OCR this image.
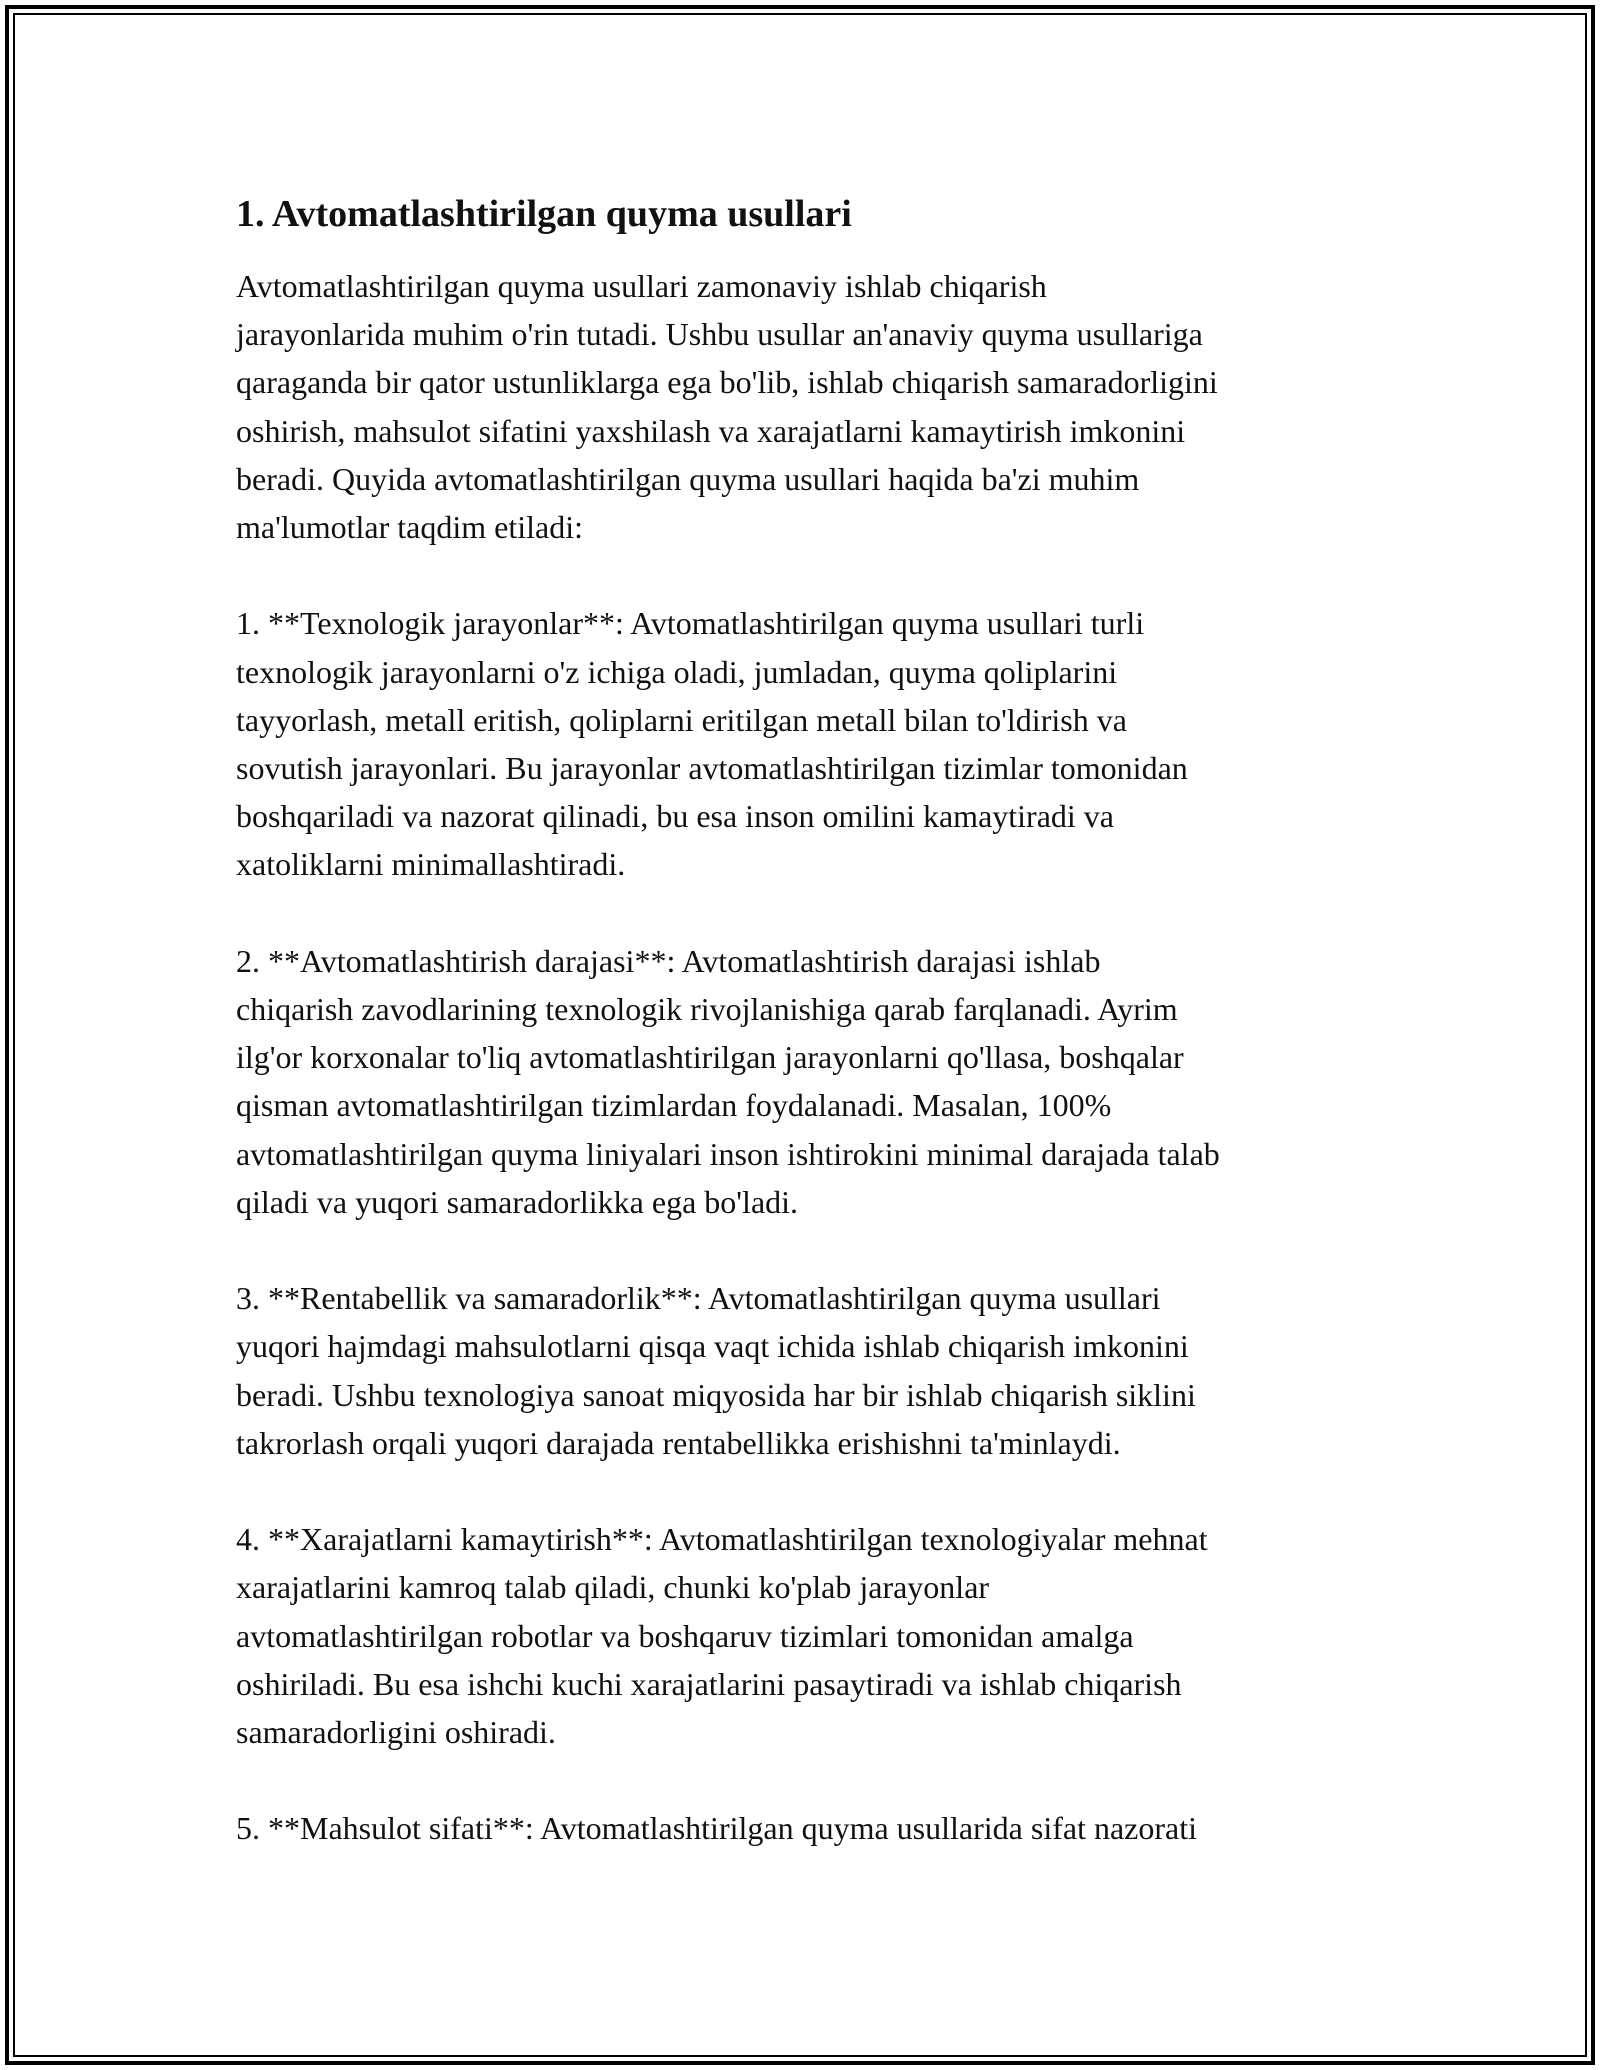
1. Avtomatlashtirilgan quyma usullari

Avtomatlashtirilgan quyma usullari zamonaviy ishlab chiqarish
jarayonlarida muhim o'rin tutadi. Ushbu usullar an'anaviy quyma usullariga
qaraganda bir qator ustunliklarga ega bo'lib, ishlab chiqarish samaradorligini
oshirish, mahsulot sifatini yaxshilash va xarajatlarni kamaytirish imkonini
beradi. Quyida avtomatlashtirilgan quyma usullari haqida ba'zi muhim
ma'lumotlar taqdim etiladi:

1. **Texnologik jarayonlar**: Avtomatlashtirilgan quyma usullari turli
texnologik jarayonlarni o'z ichiga oladi, jumladan, quyma qoliplarini
tayyorlash, metall eritish, qoliplarni eritilgan metall bilan to'ldirish va
sovutish jarayonlari. Bu jarayonlar avtomatlashtirilgan tizimlar tomonidan
boshqariladi va nazorat qilinadi, bu esa inson omilini kamaytiradi va
xatoliklarni minimallashtiradi.

2. **Avtomatlashtirish darajasi**: Avtomatlashtirish darajasi ishlab
chiqarish zavodlarining texnologik rivojlanishiga qarab farqlanadi. Ayrim
ilg'or korxonalar to'liq avtomatlashtirilgan jarayonlarni qo'llasa, boshqalar
qisman avtomatlashtirilgan tizimlardan foydalanadi. Masalan, 100%
avtomatlashtirilgan quyma liniyalari inson ishtirokini minimal darajada talab
qiladi va yuqori samaradorlikka ega bo'ladi.

3. **Rentabellik va samaradorlik**: Avtomatlashtirilgan quyma usullari
yuqori hajmdagi mahsulotlarni qisqa vaqt ichida ishlab chiqarish imkonini
beradi. Ushbu texnologiya sanoat miqyosida har bir ishlab chiqarish siklini
takrorlash orqali yuqori darajada rentabellikka erishishni ta'minlaydi.

4. **Xarajatlarni kamaytirish**: Avtomatlashtirilgan texnologiyalar mehnat
xarajatlarini kamroq talab qiladi, chunki ko'plab jarayonlar
avtomatlashtirilgan robotlar va boshqaruv tizimlari tomonidan amalga
oshiriladi. Bu esa ishchi kuchi xarajatlarini pasaytiradi va ishlab chiqarish
samaradorligini oshiradi.

5. **Mahsulot sifati**: Avtomatlashtirilgan quyma usullarida sifat nazorati
